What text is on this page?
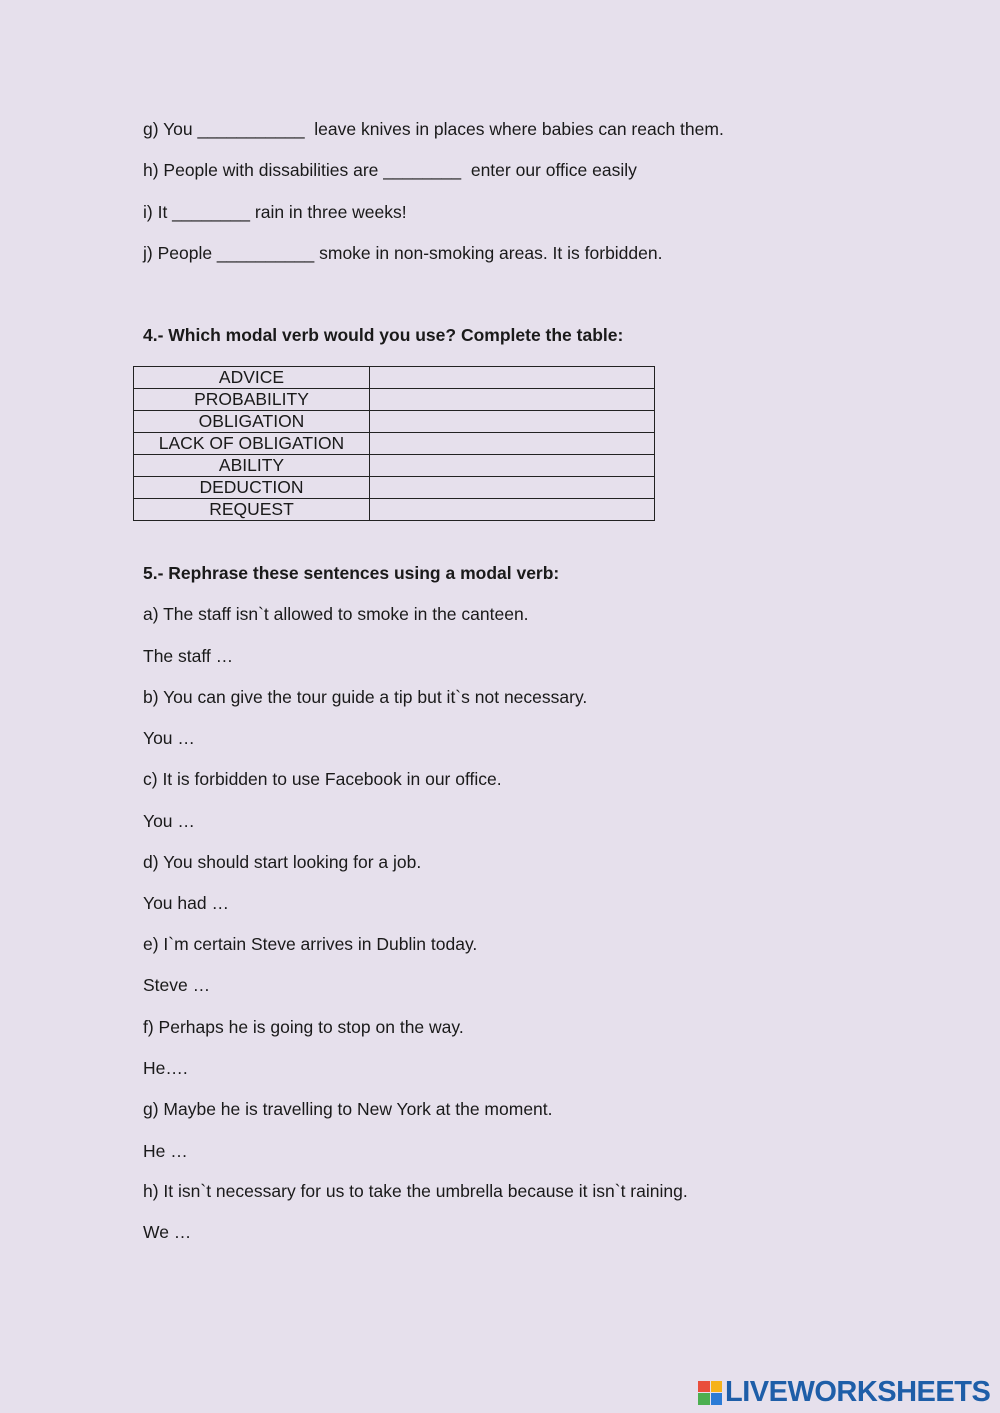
g) You ___________  leave knives in places where babies can reach them.
h) People with dissabilities are ________  enter our office easily
i) It ________ rain in three weeks!
j) People __________ smoke in non-smoking areas. It is forbidden.
4.- Which modal verb would you use? Complete the table:
ADVICE	
PROBABILITY	
OBLIGATION	
LACK OF OBLIGATION	
ABILITY	
DEDUCTION	
REQUEST	
5.- Rephrase these sentences using a modal verb:
a) The staff isn`t allowed to smoke in the canteen.
The staff …
b) You can give the tour guide a tip but it`s not necessary.
You …
c) It is forbidden to use Facebook in our office.
You …
d) You should start looking for a job.
You had …
e) I`m certain Steve arrives in Dublin today.
Steve …
f) Perhaps he is going to stop on the way.
He….
g) Maybe he is travelling to New York at the moment.
He …
h) It isn`t necessary for us to take the umbrella because it isn`t raining.
We …
LIVEWORKSHEETS
